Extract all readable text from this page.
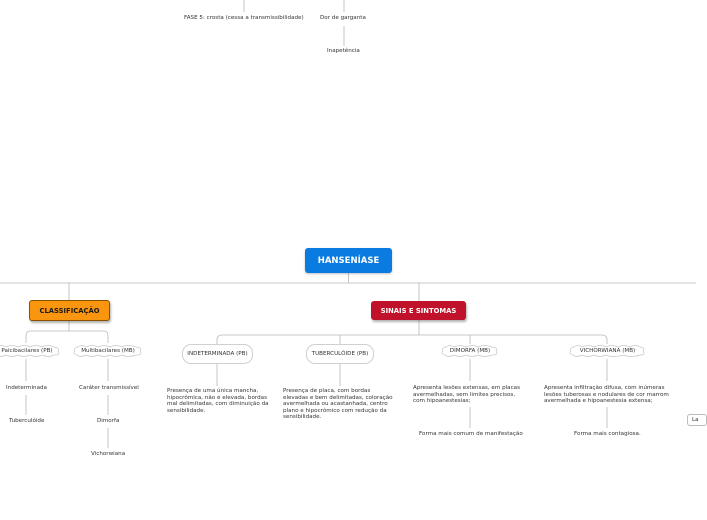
FASE 5: crosta (cessa a transmissibilidade)	Dor de garganta
Inapetência
HANSENÍASE
CLASSIFICAÇÃO	SINAIS E SINTOMAS
Paicibacilares (PB)	Multibacilares (MB)
Indeterminada
Tuberculóide
Caráter transmissível
Dimorfa
Vichorwiana
INDETERMINADA (PB)	TUBERCULÓIDE (PB)	DIMORFA (MB)	VICHORWIANA (MB)
Presença de uma única mancha, hipocrômica, não é elevada, bordas mal delimitadas, com diminuição da sensibilidade.
Presença de placa, com bordas elevadas e bem delimitadas, coloração avermelhada ou acastanhada, centro plano e hipocrômico com redução da sensibilidade.
Apresenta lesões extensas, em placas avermelhadas, sem limites precisos, com hipoanestesias;
Apresenta infiltração difusa, com inúmeras lesões tuberosas e nodulares de cor marrom avermelhada e hipoanestesia extensa;
Forma mais comum de manifestação	Forma mais contagiosa.
La
